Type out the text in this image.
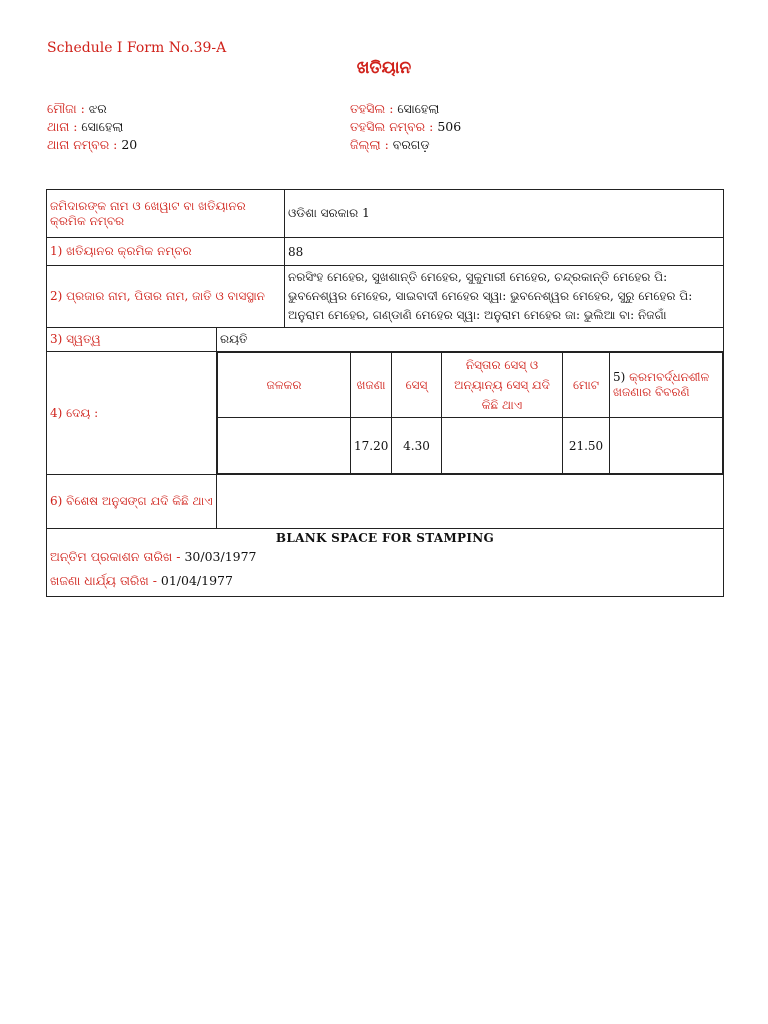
Schedule I Form No.39-A
ଖତିୟାନ
ମୌଜା : ଝର
ଥାନା : ସୋହେଲା
ଥାନା ନମ୍ବର : 20
ତହସିଲ : ସୋହେଲା
ତହସିଲ ନମ୍ବର : 506
ଜିଲ୍ଲା : ବରଗଡ଼
ଜମିଦାରଙ୍କ ନାମ ଓ ଖେୱାଟ ବା ଖତିୟାନର କ୍ରମିକ ନମ୍ବର	ଓଡିଶା ସରକାର 1
1) ଖତିୟାନର କ୍ରମିକ ନମ୍ବର	88
2) ପ୍ରଜାର ନାମ, ପିତାର ନାମ, ଜାତି ଓ ବାସସ୍ଥାନ	ନରସିଂହ ମେହେର, ସୁଖଶାନ୍ତି ମେହେର, ସୁକୁମାରୀ ମେହେର, ଚନ୍ଦ୍ରକାନ୍ତି ମେହେର ପି: ଭୁବନେଶ୍ୱର ମେହେର, ସାଇବାଦୀ ମେହେର ସ୍ୱା: ଭୁବନେଶ୍ୱର ମେହେର, ସୁରୁ ମେହେର ପି: ଅନୁରାମ ମେହେର, ଗଣ୍ଡାଣି ମେହେର ସ୍ୱା: ଅନୁରାମ ମେହେର ଜା: ଭୁଲିଆ ବା: ନିଜଗାଁ
3) ସ୍ୱତ୍ୱ	ରୟତି
4) ଦେୟ :	
ଜଳକର	ଖଜଣା	ସେସ୍	ନିସ୍ତାର ସେସ୍ ଓ ଅନ୍ୟାନ୍ୟ ସେସ୍ ଯଦି କିଛି ଥାଏ	ମୋଟ	5) କ୍ରମବର୍ଦ୍ଧନଶୀଳ ଖଜଣାର ବିବରଣି
	17.20	4.30		21.50	

6) ବିଶେଷ ଅନୁସଙ୍ଗ ଯଦି କିଛି ଥାଏ	

BLANK SPACE FOR STAMPING
ଅନ୍ତିମ ପ୍ରକାଶନ ତାରିଖ - 30/03/1977
ଖଜଣା ଧାର୍ଯ୍ୟ ତାରିଖ - 01/04/1977
